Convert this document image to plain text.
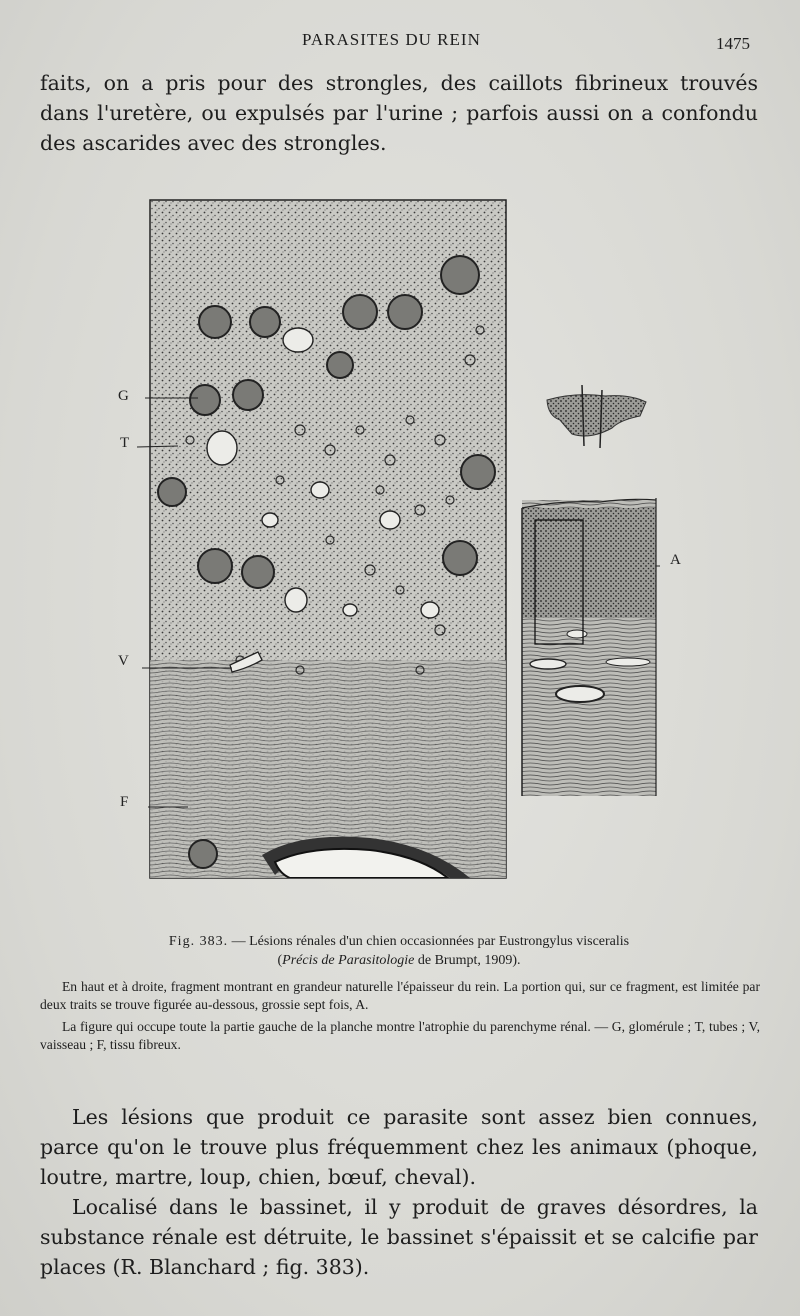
PARASITES DU REIN	1475

faits, on a pris pour des strongles, des caillots fibrineux trouvés dans l'uretère, ou expulsés par l'urine ; parfois aussi on a confondu des ascarides avec des strongles.

G
T
V
F
A
Fig. 383. — Lésions rénales d'un chien occasionnées par Eustrongylus visceralis
(Précis de Parasitologie de Brumpt, 1909).

En haut et à droite, fragment montrant en grandeur naturelle l'épaisseur du rein. La portion qui, sur ce fragment, est limitée par deux traits se trouve figurée au-dessous, grossie sept fois, A.

La figure qui occupe toute la partie gauche de la planche montre l'atrophie du parenchyme rénal. — G, glomérule ; T, tubes ; V, vaisseau ; F, tissu fibreux.

Les lésions que produit ce parasite sont assez bien connues, parce qu'on le trouve plus fréquemment chez les animaux (phoque, loutre, martre, loup, chien, bœuf, cheval).

Localisé dans le bassinet, il y produit de graves désordres, la substance rénale est détruite, le bassinet s'épaissit et se calcifie par places (R. Blanchard ; fig. 383).
